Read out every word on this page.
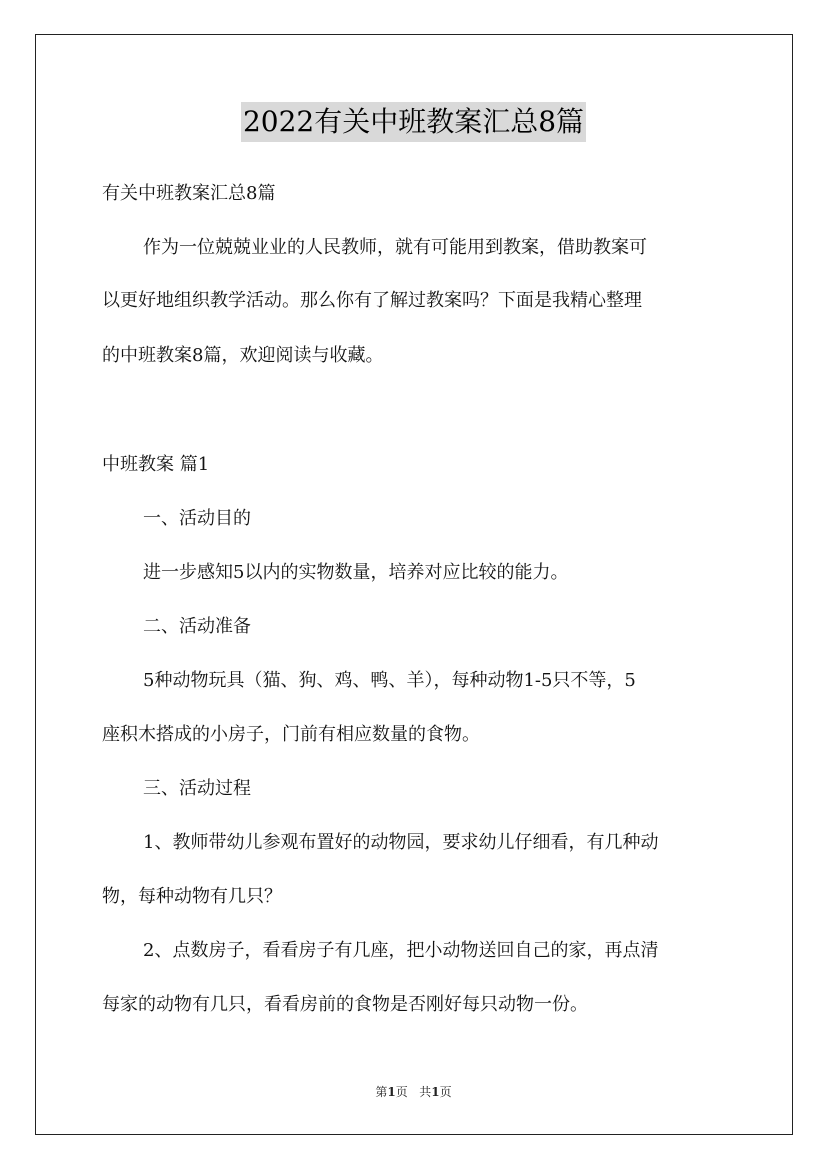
2022有关中班教案汇总8篇
有关中班教案汇总8篇
作为一位兢兢业业的人民教师，就有可能用到教案，借助教案可
以更好地组织教学活动。那么你有了解过教案吗？下面是我精心整理
的中班教案8篇，欢迎阅读与收藏。
中班教案 篇1
一、活动目的
进一步感知5以内的实物数量，培养对应比较的能力。
二、活动准备
5种动物玩具（猫、狗、鸡、鸭、羊），每种动物1-5只不等，5
座积木搭成的小房子，门前有相应数量的食物。
三、活动过程
1、教师带幼儿参观布置好的动物园，要求幼儿仔细看，有几种动
物，每种动物有几只？
2、点数房子，看看房子有几座，把小动物送回自己的家，再点清
每家的动物有几只，看看房前的食物是否刚好每只动物一份。
第1页 共1页
